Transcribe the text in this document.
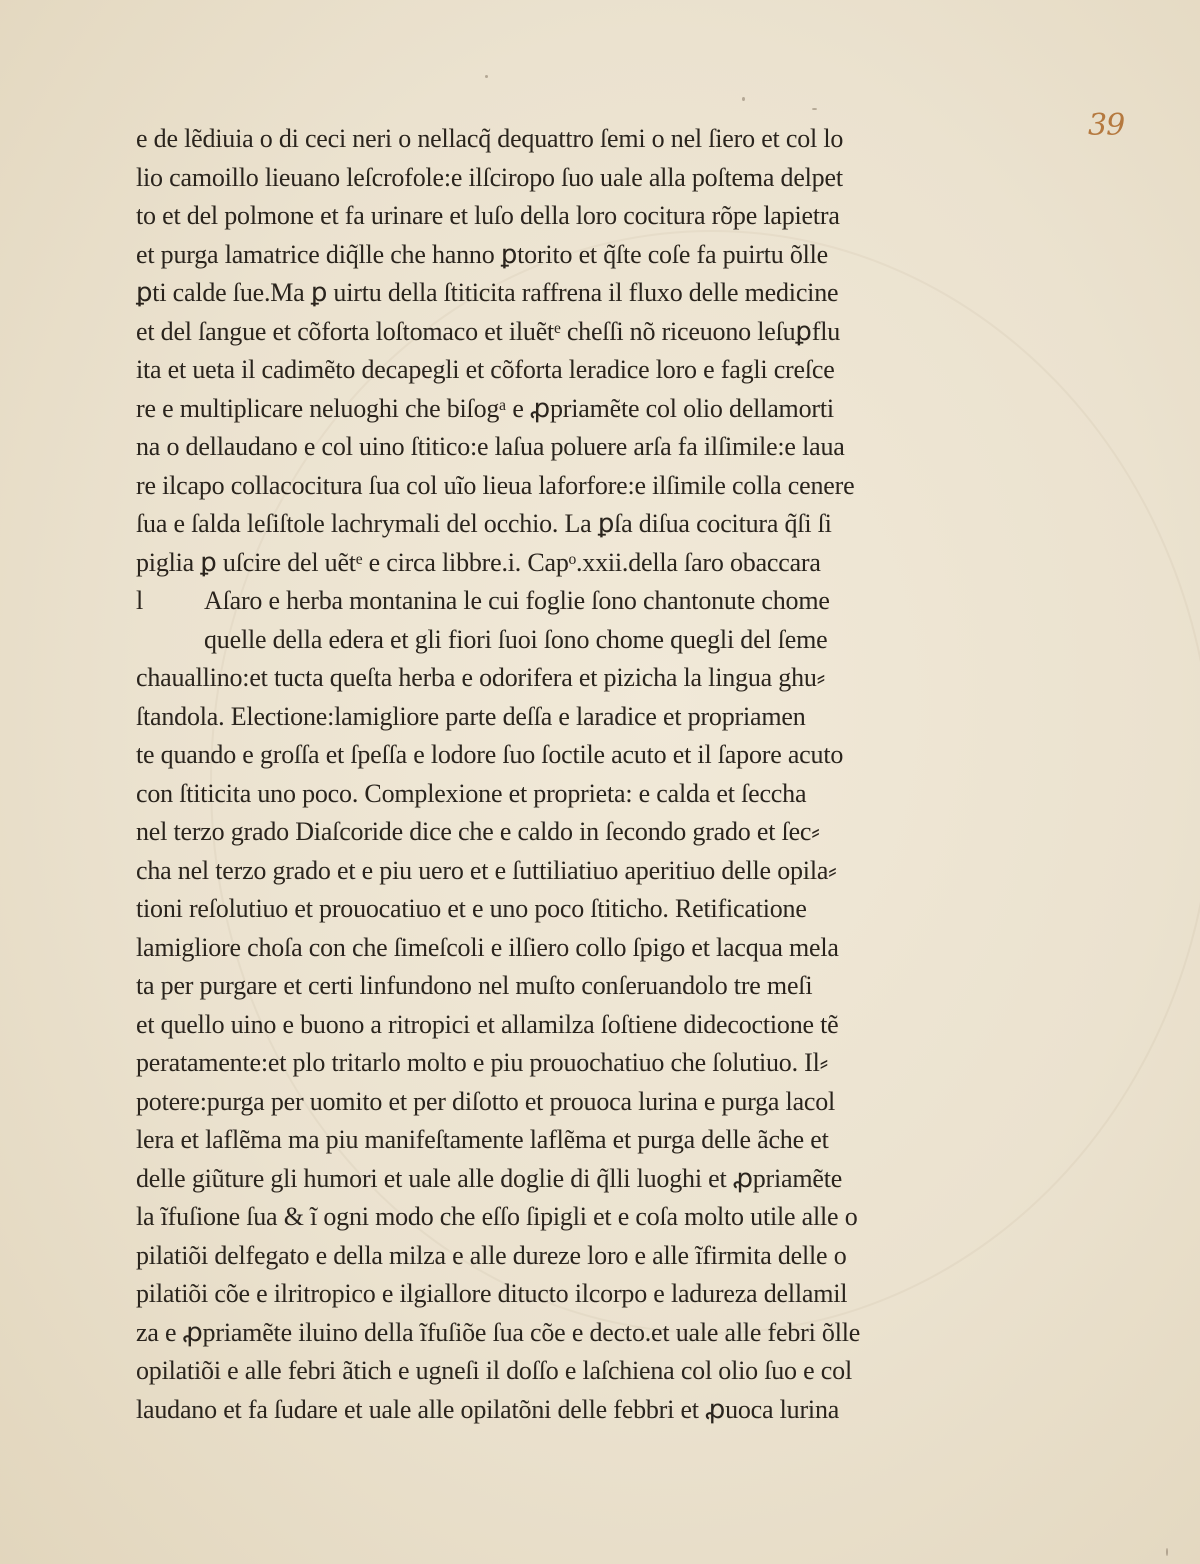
39
e de lẽdiuia o di ceci neri o nellacq̃ dequattro ſemi o nel ſiero et col lo
lio camoillo lieuano leſcrofole:e ilſciropo ſuo uale alla poſtema delpet
to et del polmone et fa urinare et luſo della loro cocitura rõpe lapietra
et purga lamatrice diq̃lle che hanno ꝑtorito et q̃ſte coſe fa puirtu õlle
ꝑti calde ſue.Ma ꝑ uirtu della ſtiticita raffrena il fluxo delle medicine
et del ſangue et cõforta loſtomaco et iluẽtᵉ cheſſi nõ riceuono leſuꝑflu
ita et ueta il cadimẽto decapegli et cõforta leradice loro e fagli creſce
re e multiplicare neluoghi che biſogᵃ e ꝓpriamẽte col olio dellamorti
na o dellaudano e col uino ſtitico:e laſua poluere arſa fa ilſimile:e laua
re ilcapo collacocitura ſua col uĩo lieua laforfore:e ilſimile colla cenere
ſua e ſalda leſiſtole lachrymali del occhio. La ꝑſa diſua cocitura q̃ſi ſi
piglia ꝑ uſcire del uẽtᵉ e circa libbre.i. Capᵒ.xxii.della ſaro obaccara
l	Aſaro e herba montanina le cui foglie ſono chantonute chome
quelle della edera et gli fiori ſuoi ſono chome quegli del ſeme
chauallino:et tucta queſta herba e odorifera et pizicha la lingua ghu⸗
ſtandola. Electione:lamigliore parte deſſa e laradice et propriamen
te quando e groſſa et ſpeſſa e lodore ſuo ſoctile acuto et il ſapore acuto
con ſtiticita uno poco. Complexione et proprieta: e calda et ſeccha
nel terzo grado Diaſcoride dice che e caldo in ſecondo grado et ſec⸗
cha nel terzo grado et e piu uero et e ſuttiliatiuo aperitiuo delle opila⸗
tioni reſolutiuo et prouocatiuo et e uno poco ſtiticho. Retificatione
lamigliore choſa con che ſimeſcoli e ilſiero collo ſpigo et lacqua mela
ta per purgare et certi linfundono nel muſto conſeruandolo tre meſi
et quello uino e buono a ritropici et allamilza ſoſtiene didecoctione tẽ
peratamente:et plo tritarlo molto e piu prouochatiuo che ſolutiuo. Il⸗
potere:purga per uomito et per diſotto et prouoca lurina e purga lacol
lera et laflẽma ma piu manifeſtamente laflẽma et purga delle ãche et
delle giũture gli humori et uale alle doglie di q̃lli luoghi et ꝓpriamẽte
la ĩfuſione ſua & ĩ ogni modo che eſſo ſipigli et e coſa molto utile alle o
pilatiõi delfegato e della milza e alle dureze loro e alle ĩfirmita delle o
pilatiõi cõe e ilritropico e ilgiallore ditucto ilcorpo e ladureza dellamil
za e ꝓpriamẽte iluino della ĩfuſiõe ſua cõe e decto.et uale alle febri õlle
opilatiõi e alle febri ãtich e ugneſi il doſſo e laſchiena col olio ſuo e col
laudano et fa ſudare et uale alle opilatõni delle febbri et ꝓuoca lurina
